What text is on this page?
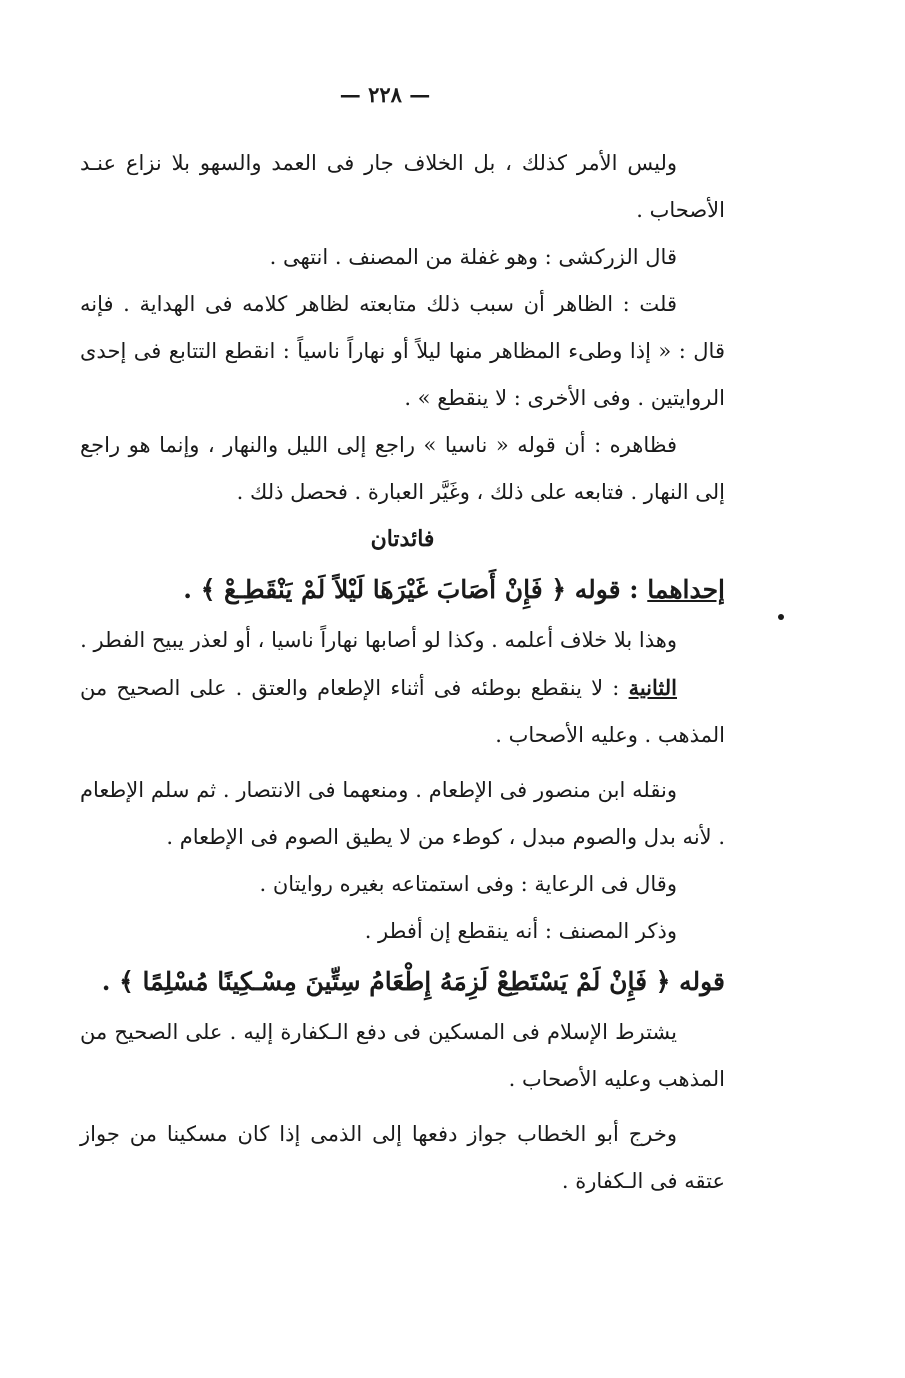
— ٢٢٨ —

وليس الأمر كذلك ، بل الخلاف جار فى العمد والسهو بلا نزاع عنـد الأصحاب .

قال الزركشى : وهو غفلة من المصنف . انتهى .

قلت : الظاهر أن سبب ذلك متابعته لظاهر كلامه فى الهداية . فإنه قال : « إذا وطىء المظاهر منها ليلاً أو نهاراً ناسياً : انقطع التتابع فى إحدى الروايتين . وفى الأخرى : لا ينقطع » .

فظاهره : أن قوله « ناسيا » راجع إلى الليل والنهار ، وإنما هو راجع إلى النهار . فتابعه على ذلك ، وغَيَّر العبارة . فحصل ذلك .

فائدتان

إحداهما : قوله ﴿ فَإِنْ أَصَابَ غَيْرَهَا لَيْلاً لَمْ يَنْقَطِـعْ ﴾ .

وهذا بلا خلاف أعلمه . وكذا لو أصابها نهاراً ناسيا ، أو لعذر يبيح الفطر .

الثانية : لا ينقطع بوطئه فى أثناء الإطعام والعتق . على الصحيح من المذهب . وعليه الأصحاب .

ونقله ابن منصور فى الإطعام . ومنعهما فى الانتصار . ثم سلم الإطعام . لأنه بدل والصوم مبدل ، كوطء من لا يطيق الصوم فى الإطعام .

وقال فى الرعاية : وفى استمتاعه بغيره روايتان .

وذكر المصنف : أنه ينقطع إن أفطر .

قوله ﴿ فَإِنْ لَمْ يَسْتَطِعْ لَزِمَهُ إِطْعَامُ سِتِّينَ مِسْـكِينًا مُسْلِمًا ﴾ .

يشترط الإسلام فى المسكين فى دفع الـكفارة إليه . على الصحيح من المذهب وعليه الأصحاب .

وخرج أبو الخطاب جواز دفعها إلى الذمى إذا كان مسكينا من جواز عتقه فى الـكفارة .
